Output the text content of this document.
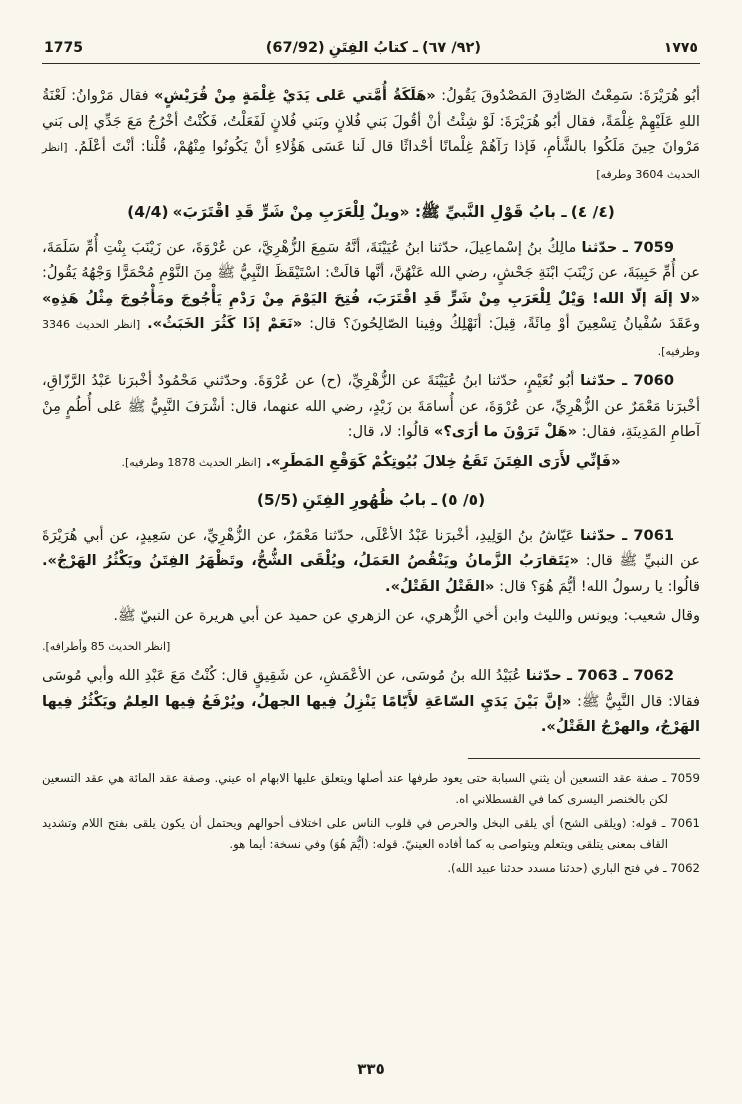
1775	(٩٢/ ٦٧)ـ كتابُ الفِتَنِ(67/92)	١٧٧٥

أبُو هُرَيْرَةَ: سَمِعْتُ الصّادِقَ المَصْدُوقَ يَقُولُ: «هَلَكَةُ أُمَّتي عَلى يَدَيْ غِلْمَةٍ مِنْ قُرَيْشٍ» فقال مَرْوانُ: لَعْنَةُ اللهِ عَلَيْهِمْ غِلْمَةً، فقال أبُو هُرَيْرَةَ: لَوْ شِئْتُ أنْ أقُولَ بَني فُلانٍ وبَني فُلانٍ لَفَعَلْتُ، فَكُنْتُ أخْرُجُ مَعَ جَدِّي إلى بَني مَرْوانَ حِينَ مَلَكُوا بالشَّأمِ، فَإذا رَآهُمْ غِلْمانًا أحْداثًا قال لَنا عَسَى هَؤُلاءِ أنْ يَكُونُوا مِنْهُمْ، قُلْنا: أنْتَ أعْلَمُ. [انظر الحديث 3604 وطرفه]

(٤/ ٤)ـ بابُ قَوْلِ النَّبيِّ ﷺ: «ويلٌ لِلْعَرَبِ مِنْ شَرٍّ قَدِ اقْتَرَبَ»(4/4)

7059 ـ حدّثنا مالِكُ بنُ إسْماعِيلَ، حدّثنا ابنُ عُيَيْنَةَ، أنَّهُ سَمِعَ الزُّهْرِيَّ، عن عُرْوَةَ، عن زَيْنَبَ بِنْتِ أُمِّ سَلَمَةَ، عن أُمِّ حَبِيبَةَ، عن زَيْنَبَ ابْنَةِ جَحْشٍ، رضي الله عَنْهُنَّ، أنَّها قالَتْ: اسْتَيْقَظَ النَّبِيُّ ﷺ مِنَ النَّوْمِ مُحْمَرًّا وَجْهُهُ يَقُولُ: «لا إلَهَ إلّا الله! وَيْلٌ لِلْعَرَبِ مِنْ شَرٍّ قَدِ اقْتَرَبَ، فُتِحَ اليَوْمَ مِنْ رَدْمِ يَأْجُوجَ ومَأْجُوجَ مِثْلُ هَذِهِ» وعَقَدَ سُفْيانُ تِسْعِينَ أوْ مِائَةً، قِيلَ: أنَهْلِكُ وفِينا الصّالِحُونَ؟ قال: «نَعَمْ إذَا كَثُرَ الخَبَثُ». [انظر الحديث 3346 وطرفيه].

7060 ـ حدّثنا أبُو نُعَيْمٍ، حدّثنا ابنُ عُيَيْنَةَ عن الزُّهْرِيِّ، (ح) عن عُرْوَةَ. وحدّثني مَحْمُودٌ أخْبرَنا عَبْدُ الرَّزّاقِ، أخْبرَنا مَعْمَرٌ عن الزُّهْرِيِّ، عن عُرْوَةَ، عن أُسامَةَ بن زَيْدٍ، رضي الله عنهما، قال: أشْرَفَ النَّبِيُّ ﷺ عَلى أُطُمٍ مِنْ آطامِ المَدِينَةِ، فقال: «هَلْ تَرَوْنَ ما أرَى؟» قالُوا: لا، قال:

«فَإنِّي لأَرَى الفِتَنَ تَقَعُ خِلالَ بُيُوتِكُمْ كَوَقْعِ المَطَرِ». [انظر الحديث 1878 وطرفيه].

(٥/ ٥)ـ بابُ ظُهُورِ الفِتَنِ(5/5)

7061 ـ حدّثنا عَيّاشُ بنُ الوَلِيدِ، أخْبرَنا عَبْدُ الأعْلَى، حدّثنا مَعْمَرٌ، عن الزُّهْرِيِّ، عن سَعِيدٍ، عن أبي هُرَيْرَةَ عن النبيِّ ﷺ قال: «يَتَقارَبُ الزَّمانُ ويَنْقُصُ العَمَلُ، ويُلْقَى الشُّحُّ، وتَظْهَرُ الفِتَنُ ويَكْثُرُ الهَرْجُ». قالُوا: يا رسولُ الله! أيُّمَ هُوَ؟ قال: «القَتْلُ القَتْلُ».

وقال شعيب: ويونس والليث وابن أخي الزُّهري، عن الزهري عن حميد عن أبي هريرة عن النبيّ ﷺ.

[انظر الحديث 85 وأطرافه].

7062 ـ 7063 ـ حدّثنا عُبَيْدُ الله بنُ مُوسَى، عن الأعْمَشِ، عن شَقِيقٍ قال: كُنْتُ مَعَ عَبْدِ الله وأبي مُوسَى فقالا: قال النَّبِيُّ ﷺ: «إنَّ بَيْنَ يَدَيِ السّاعَةِ لأَيّامًا يَنْزِلُ فِيها الجهلُ، ويُرْفَعُ فِيها العِلمُ ويَكْثُرُ فِيها الهَرْجُ، والهرْجُ القَتْلُ».

7059 ـ صفة عقد التسعين أن يثني السبابة حتى يعود طرفها عند أصلها ويتعلق عليها الابهام اه عيني. وصفة عقد المائة هي عقد التسعين لكن بالخنصر اليسرى كما في القسطلاني اه.

7061 ـ قوله: (ويلقى الشح) أي يلقى البخل والحرص في قلوب الناس على اختلاف أحوالهم ويحتمل أن يكون يلقى بفتح اللام وتشديد القاف بمعنى يتلقى ويتعلم ويتواصى به كما أفاده العينيّ. قوله: (أيُّمَ هُوَ) وفي نسخة: أيما هو.

7062 ـ في فتح الباري (حدثنا مسدد حدثنا عبيد الله).

٣٣٥
